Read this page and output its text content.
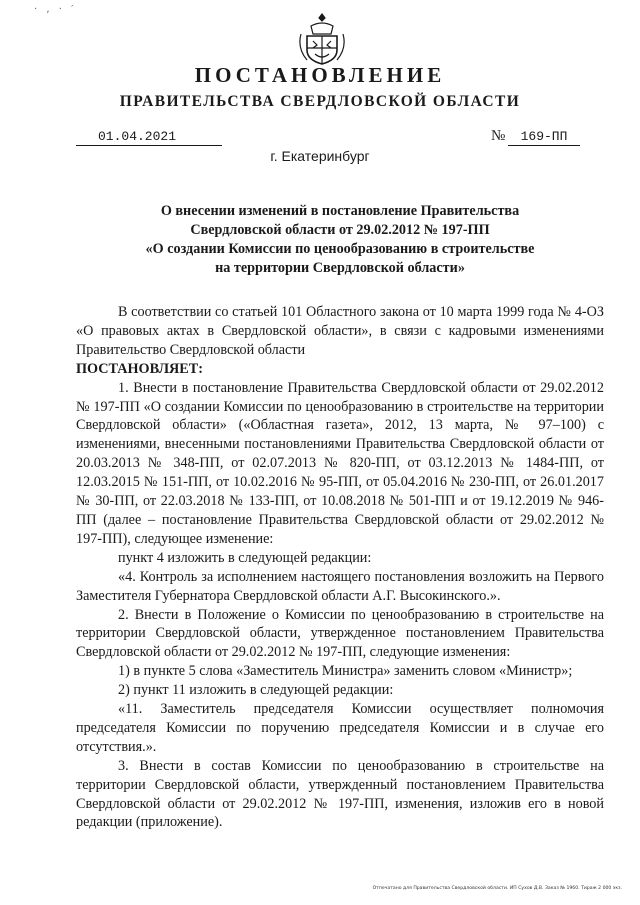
· , · ′
ПОСТАНОВЛЕНИЕ
ПРАВИТЕЛЬСТВА СВЕРДЛОВСКОЙ ОБЛАСТИ
01.04.2021	№	169-ПП
г. Екатеринбург
О внесении изменений в постановление Правительства
Свердловской области от 29.02.2012 № 197-ПП
«О создании Комиссии по ценообразованию в строительстве
на территории Свердловской области»

В соответствии со статьей 101 Областного закона от 10 марта 1999 года № 4-ОЗ «О правовых актах в Свердловской области», в связи с кадровыми изменениями Правительство Свердловской области

ПОСТАНОВЛЯЕТ:

1. Внести в постановление Правительства Свердловской области от 29.02.2012 № 197-ПП «О создании Комиссии по ценообразованию в строительстве на территории Свердловской области» («Областная газета», 2012, 13 марта, № 97–100) с изменениями, внесенными постановлениями Правительства Свердловской области от 20.03.2013 № 348-ПП, от 02.07.2013 № 820-ПП, от 03.12.2013 № 1484-ПП, от 12.03.2015 № 151-ПП, от 10.02.2016 № 95-ПП, от 05.04.2016 № 230-ПП, от 26.01.2017 № 30-ПП, от 22.03.2018 № 133-ПП, от 10.08.2018 № 501-ПП и от 19.12.2019 № 946-ПП (далее – постановление Правительства Свердловской области от 29.02.2012 № 197-ПП), следующее изменение:

пункт 4 изложить в следующей редакции:

«4. Контроль за исполнением настоящего постановления возложить на Первого Заместителя Губернатора Свердловской области А.Г. Высокинского.».

2. Внести в Положение о Комиссии по ценообразованию в строительстве на территории Свердловской области, утвержденное постановлением Правительства Свердловской области от 29.02.2012 № 197-ПП, следующие изменения:

1) в пункте 5 слова «Заместитель Министра» заменить словом «Министр»;

2) пункт 11 изложить в следующей редакции:

«11. Заместитель председателя Комиссии осуществляет полномочия председателя Комиссии по поручению председателя Комиссии и в случае его отсутствия.».

3. Внести в состав Комиссии по ценообразованию в строительстве на территории Свердловской области, утвержденный постановлением Правительства Свердловской области от 29.02.2012 № 197-ПП, изменения, изложив его в новой редакции (приложение).

Отпечатано для Правительства Свердловской области. ИП Сухов Д.В. Заказ № 1960. Тираж 2 000 экз.
